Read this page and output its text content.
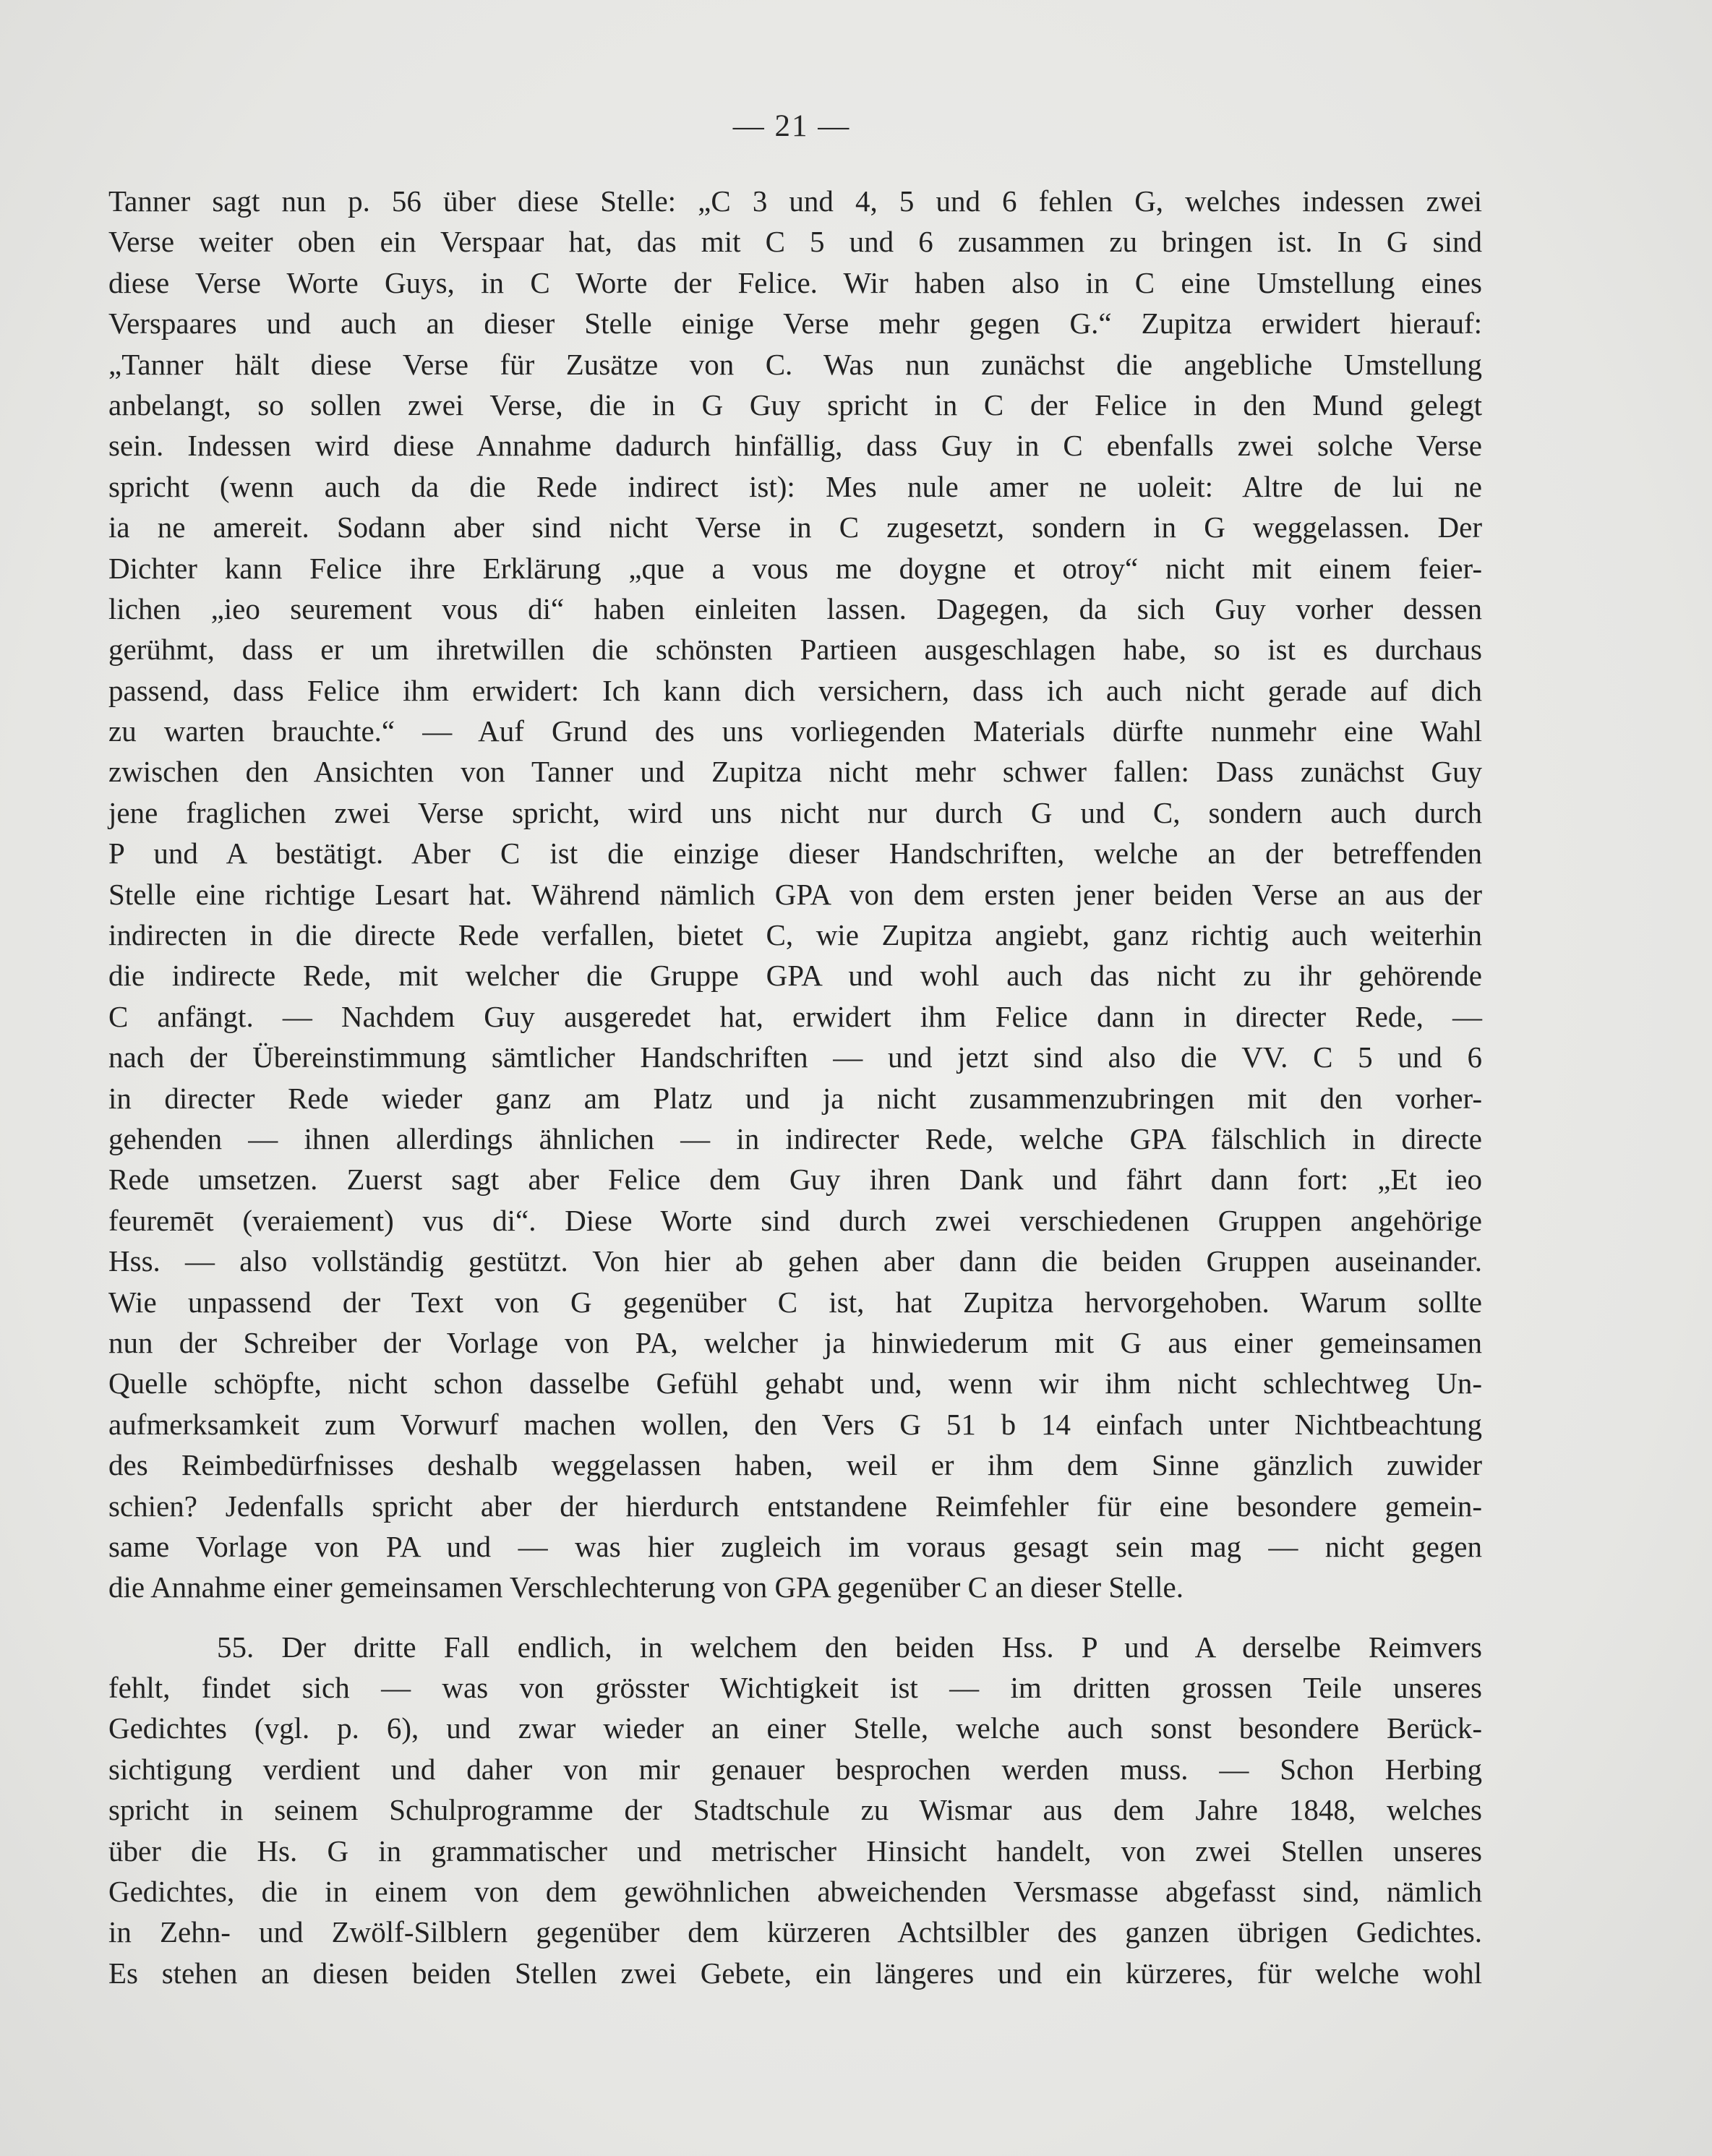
— 21 —
Tanner sagt nun p. 56 über diese Stelle: „C 3 und 4, 5 und 6 fehlen G, welches indessen zwei
Verse weiter oben ein Verspaar hat, das mit C 5 und 6 zusammen zu bringen ist. In G sind
diese Verse Worte Guys, in C Worte der Felice. Wir haben also in C eine Umstellung eines
Verspaares und auch an dieser Stelle einige Verse mehr gegen G.“ Zupitza erwidert hierauf:
„Tanner hält diese Verse für Zusätze von C. Was nun zunächst die angebliche Umstellung
anbelangt, so sollen zwei Verse, die in G Guy spricht in C der Felice in den Mund gelegt
sein. Indessen wird diese Annahme dadurch hinfällig, dass Guy in C ebenfalls zwei solche Verse
spricht (wenn auch da die Rede indirect ist): Mes nule amer ne uoleit: Altre de lui ne
ia ne amereit. Sodann aber sind nicht Verse in C zugesetzt, sondern in G weggelassen. Der
Dichter kann Felice ihre Erklärung „que a vous me doygne et otroy“ nicht mit einem feier-
lichen „ieo seurement vous di“ haben einleiten lassen. Dagegen, da sich Guy vorher dessen
gerühmt, dass er um ihretwillen die schönsten Partieen ausgeschlagen habe, so ist es durchaus
passend, dass Felice ihm erwidert: Ich kann dich versichern, dass ich auch nicht gerade auf dich
zu warten brauchte.“ — Auf Grund des uns vorliegenden Materials dürfte nunmehr eine Wahl
zwischen den Ansichten von Tanner und Zupitza nicht mehr schwer fallen: Dass zunächst Guy
jene fraglichen zwei Verse spricht, wird uns nicht nur durch G und C, sondern auch durch
P und A bestätigt. Aber C ist die einzige dieser Handschriften, welche an der betreffenden
Stelle eine richtige Lesart hat. Während nämlich GPA von dem ersten jener beiden Verse an aus der
indirecten in die directe Rede verfallen, bietet C, wie Zupitza angiebt, ganz richtig auch weiterhin
die indirecte Rede, mit welcher die Gruppe GPA und wohl auch das nicht zu ihr gehörende
C anfängt. — Nachdem Guy ausgeredet hat, erwidert ihm Felice dann in directer Rede, —
nach der Übereinstimmung sämtlicher Handschriften — und jetzt sind also die VV. C 5 und 6
in directer Rede wieder ganz am Platz und ja nicht zusammenzubringen mit den vorher-
gehenden — ihnen allerdings ähnlichen — in indirecter Rede, welche GPA fälschlich in directe
Rede umsetzen. Zuerst sagt aber Felice dem Guy ihren Dank und fährt dann fort: „Et ieo
feuremēt (veraiement) vus di“. Diese Worte sind durch zwei verschiedenen Gruppen angehörige
Hss. — also vollständig gestützt. Von hier ab gehen aber dann die beiden Gruppen auseinander.
Wie unpassend der Text von G gegenüber C ist, hat Zupitza hervorgehoben. Warum sollte
nun der Schreiber der Vorlage von PA, welcher ja hinwiederum mit G aus einer gemeinsamen
Quelle schöpfte, nicht schon dasselbe Gefühl gehabt und, wenn wir ihm nicht schlechtweg Un-
aufmerksamkeit zum Vorwurf machen wollen, den Vers G 51 b 14 einfach unter Nichtbeachtung
des Reimbedürfnisses deshalb weggelassen haben, weil er ihm dem Sinne gänzlich zuwider
schien? Jedenfalls spricht aber der hierdurch entstandene Reimfehler für eine besondere gemein-
same Vorlage von PA und — was hier zugleich im voraus gesagt sein mag — nicht gegen
die Annahme einer gemeinsamen Verschlechterung von GPA gegenüber C an dieser Stelle.
55. Der dritte Fall endlich, in welchem den beiden Hss. P und A derselbe Reimvers
fehlt, findet sich — was von grösster Wichtigkeit ist — im dritten grossen Teile unseres
Gedichtes (vgl. p. 6), und zwar wieder an einer Stelle, welche auch sonst besondere Berück-
sichtigung verdient und daher von mir genauer besprochen werden muss. — Schon Herbing
spricht in seinem Schulprogramme der Stadtschule zu Wismar aus dem Jahre 1848, welches
über die Hs. G in grammatischer und metrischer Hinsicht handelt, von zwei Stellen unseres
Gedichtes, die in einem von dem gewöhnlichen abweichenden Versmasse abgefasst sind, nämlich
in Zehn- und Zwölf-Silblern gegenüber dem kürzeren Achtsilbler des ganzen übrigen Gedichtes.
Es stehen an diesen beiden Stellen zwei Gebete, ein längeres und ein kürzeres, für welche wohl
